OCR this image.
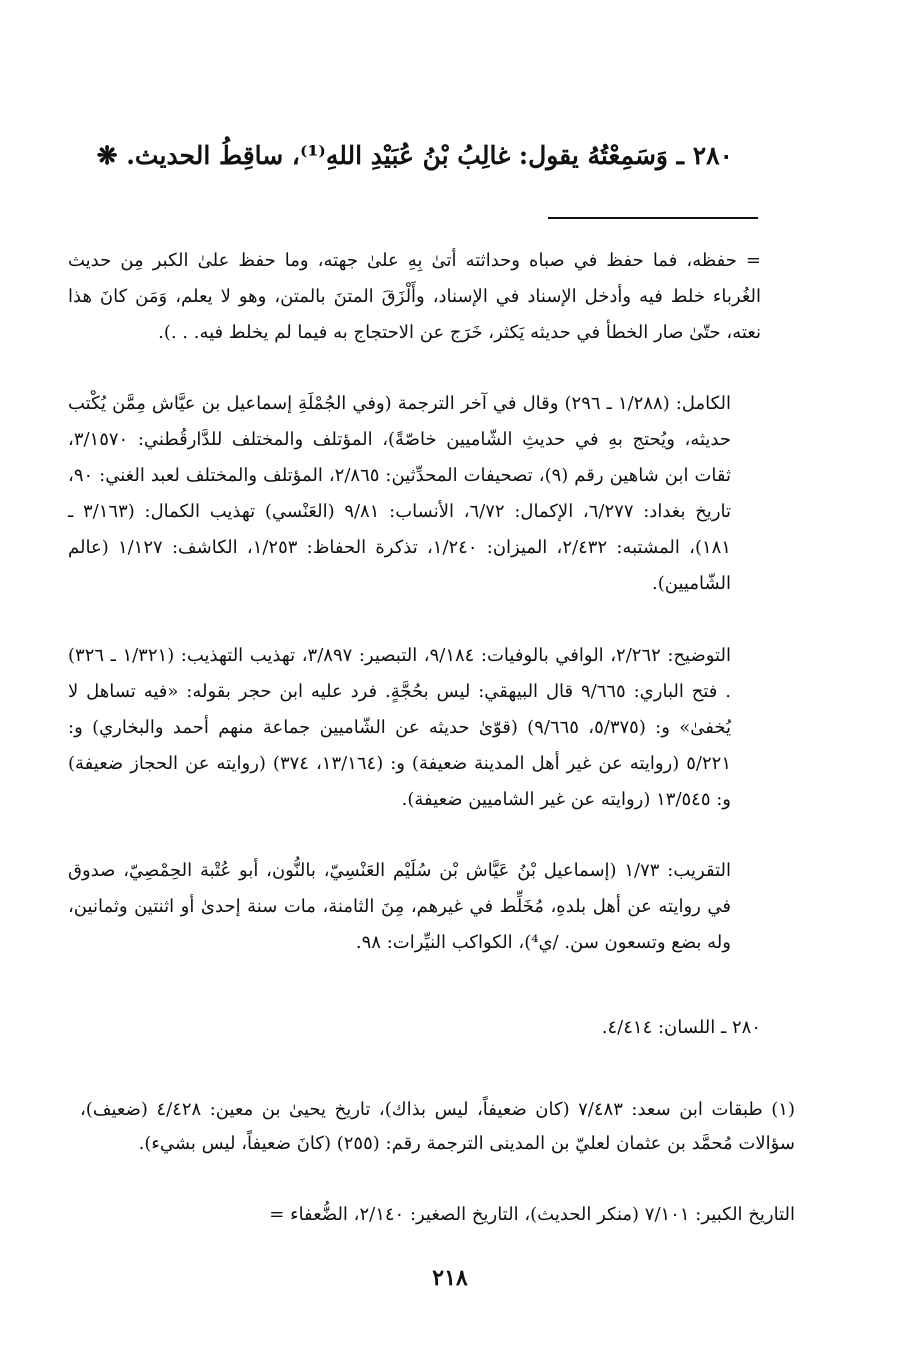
٢٨٠ ـ وَسَمِعْتُهُ يقول: غالِبُ بْنُ عُبَيْدِ اللهِ⁽¹⁾، ساقِطُ الحديث. ❋

= حفظه، فما حفظ في صباه وحداثته أتىٰ بِهِ علىٰ جهته، وما حفظ علىٰ الكبر مِن حديث الغُرباء خلط فيه وأدخل الإسناد في الإسناد، وأَلْزَقَ المتنَ بالمتن، وهو لا يعلم، وَمَن كانَ هذا نعته، حتّىٰ صار الخطأ في حديثه يَكثر، خَرَج عن الاحتجاج به فيما لم يخلط فيه. . .).

الكامل: (١/٢٨٨ ـ ٢٩٦) وقال في آخر الترجمة (وفي الجُمْلَةِ إسماعيل بن عيَّاش مِمَّن يُكْتب حديثه، ويُحتج بهِ في حديثِ الشّاميين خاصّةً)، المؤتلف والمختلف للدَّارقُطني: ٣/١٥٧٠، ثقات ابن شاهين رقم (٩)، تصحيفات المحدِّثين: ٢/٨٦٥، المؤتلف والمختلف لعبد الغني: ٩٠، تاريخ بغداد: ٦/٢٧٧، الإكمال: ٦/٧٢، الأنساب: ٩/٨١ (العَنْسي) تهذيب الكمال: (٣/١٦٣ ـ ١٨١)، المشتبه: ٢/٤٣٢، الميزان: ١/٢٤٠، تذكرة الحفاظ: ١/٢٥٣، الكاشف: ١/١٢٧ (عالم الشّاميين).

التوضيح: ٢/٢٦٢، الوافي بالوفيات: ٩/١٨٤، التبصير: ٣/٨٩٧، تهذيب التهذيب: (١/٣٢١ ـ ٣٢٦) . فتح الباري: ٩/٦٦٥ قال البيهقي: ليس بحُجَّةٍ. فرد عليه ابن حجر بقوله: «فيه تساهل لا يُخفىٰ» و: (٥/٣٧٥، ٩/٦٦٥) (قوّىٰ حديثه عن الشّاميين جماعة منهم أحمد والبخاري) و: ٥/٢٢١ (روايته عن غير أهل المدينة ضعيفة) و: (١٣/١٦٤، ٣٧٤) (روايته عن الحجاز ضعيفة) و: ١٣/٥٤٥ (روايته عن غير الشاميين ضعيفة).

التقريب: ١/٧٣ (إسماعيل بْنُ عَيَّاش بْن سُلَيْم العَنْسِيّ، بالنُّون، أبو عُتْبة الحِمْصِيّ، صدوق في روايته عن أهل بلدهِ، مُخَلِّط في غيرهم، مِنَ الثامنة، مات سنة إحدىٰ أو اثنتين وثمانين، وله بضع وتسعون سن. /ي⁴)، الكواكب النيِّرات: ٩٨.

٢٨٠ ـ اللسان: ٤/٤١٤.

(١) طبقات ابن سعد: ٧/٤٨٣ (كان ضعيفاً، ليس بذاك)، تاريخ يحيىٰ بن معين: ٤/٤٢٨ (ضعيف)، سؤالات مُحمَّد بن عثمان لعليّ بن المدينى الترجمة رقم: (٢٥٥) (كانَ ضعيفاً، ليس بشيء).

التاريخ الكبير: ٧/١٠١ (منكر الحديث)، التاريخ الصغير: ٢/١٤٠، الضُّعفاء =

٢١٨
